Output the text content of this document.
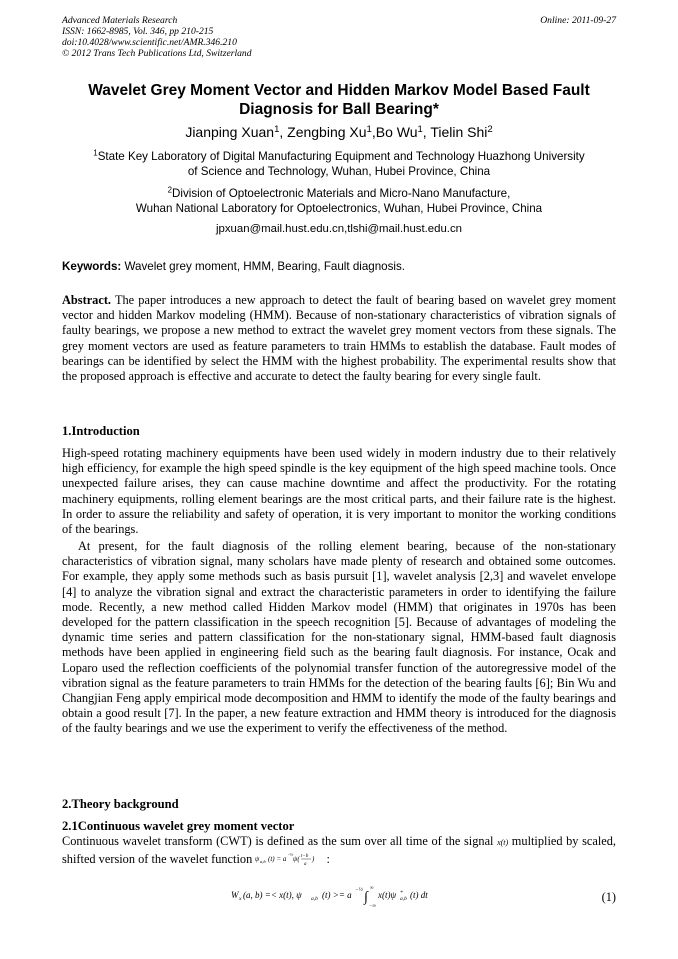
Advanced Materials Research
ISSN: 1662-8985, Vol. 346, pp 210-215
doi:10.4028/www.scientific.net/AMR.346.210
© 2012 Trans Tech Publications Ltd, Switzerland
Online: 2011-09-27
Wavelet Grey Moment Vector and Hidden Markov Model Based Fault
Diagnosis for Ball Bearing*
Jianping Xuan$^1$, Zengbing Xu$^1$,Bo Wu$^1$, Tielin Shi$^2$
$^1$State Key Laboratory of Digital Manufacturing Equipment and Technology Huazhong University
of Science and Technology, Wuhan, Hubei Province, China
$^2$Division of Optoelectronic Materials and Micro-Nano Manufacture,
Wuhan National Laboratory for Optoelectronics, Wuhan, Hubei Province, China
jpxuan@mail.hust.edu.cn,tlshi@mail.hust.edu.cn
Keywords: Wavelet grey moment, HMM, Bearing, Fault diagnosis.
Abstract. The paper introduces a new approach to detect the fault of bearing based on wavelet grey moment vector and hidden Markov modeling (HMM). Because of non-stationary characteristics of vibration signals of faulty bearings, we propose a new method to extract the wavelet grey moment vectors from these signals. The grey moment vectors are used as feature parameters to train HMMs to establish the database. Fault modes of bearings can be identified by select the HMM with the highest probability. The experimental results show that the proposed approach is effective and accurate to detect the faulty bearing for every single fault.
1.Introduction
High-speed rotating machinery equipments have been used widely in modern industry due to their relatively high efficiency, for example the high speed spindle is the key equipment of the high speed machine tools. Once unexpected failure arises, they can cause machine downtime and affect the productivity. For the rotating machinery equipments, rolling element bearings are the most critical parts, and their failure rate is the highest. In order to assure the reliability and safety of operation, it is very important to monitor the working conditions of the bearings.
At present, for the fault diagnosis of the rolling element bearing, because of the non-stationary characteristics of vibration signal, many scholars have made plenty of research and obtained some outcomes. For example, they apply some methods such as basis pursuit [1], wavelet analysis [2,3] and wavelet envelope [4] to analyze the vibration signal and extract the characteristic parameters in order to identifying the failure mode. Recently, a new method called Hidden Markov model (HMM) that originates in 1970s has been developed for the pattern classification in the speech recognition [5]. Because of advantages of modeling the dynamic time series and pattern classification for the non-stationary signal, HMM-based fault diagnosis methods have been applied in engineering field such as the bearing fault diagnosis. For instance, Ocak and Loparo used the reflection coefficients of the polynomial transfer function of the autoregressive model of the vibration signal as the feature parameters to train HMMs for the detection of the bearing faults [6]; Bin Wu and Changjian Feng apply empirical mode decomposition and HMM to identify the mode of the faulty bearings and obtain a good result [7]. In the paper, a new feature extraction and HMM theory is introduced for the diagnosis of the faulty bearings and we use the experiment to verify the effectiveness of the method.
2.Theory background
2.1Continuous wavelet grey moment vector
Continuous wavelet transform (CWT) is defined as the sum over all time of the signal x(t) multiplied by scaled, shifted version of the wavelet function ψ a,b (t) = a
-½
ψ( t−b
a
) :
W x (a, b) =< x(t), ψ a,b (t) >= a −½ ∫
∞
−∞
x(t)ψ *
a,b (t) dt	(1)
